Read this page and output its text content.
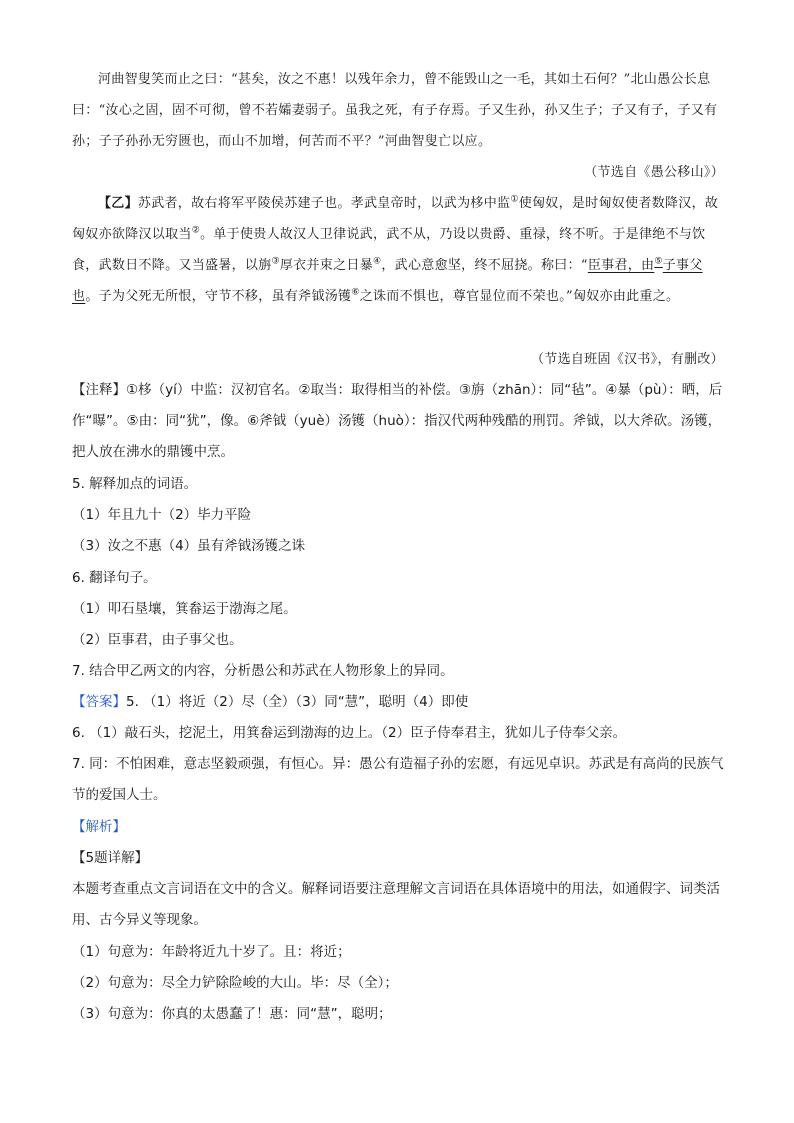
河曲智叟笑而止之曰：“甚矣，汝之不惠！以残年余力，曾不能毁山之一毛，其如土石何？”北山愚公长息曰：“汝心之固，固不可彻，曾不若孀妻弱子。虽我之死，有子存焉。子又生孙，孙又生子；子又有子，子又有孙；子子孙孙无穷匮也，而山不加增，何苦而不平？”河曲智叟亡以应。

（节选自《愚公移山》）

【乙】苏武者，故右将军平陵侯苏建子也。孝武皇帝时，以武为栘中监①使匈奴，是时匈奴使者数降汉，故匈奴亦欲降汉以取当②。单于使贵人故汉人卫律说武，武不从，乃设以贵爵、重禄，终不听。于是律绝不与饮食，武数日不降。又当盛暑，以旃③厚衣并束之日暴④，武心意愈坚，终不屈挠。称曰：“臣事君，由⑤子事父也。子为父死无所恨，守节不移，虽有斧钺汤镬⑥之诛而不惧也，尊官显位而不荣也。”匈奴亦由此重之。

（节选自班固《汉书》，有删改）

【注释】①栘（yí）中监：汉初官名。②取当：取得相当的补偿。③旃（zhān）：同“毡”。④暴（pù）：晒，后作“曝”。⑤由：同“犹”，像。⑥斧钺（yuè）汤镬（huò）：指汉代两种残酷的刑罚。斧钺，以大斧砍。汤镬，把人放在沸水的鼎镬中烹。

5. 解释加点的词语。

（1）年且九十（2）毕力平险

（3）汝之不惠（4）虽有斧钺汤镬之诛

6. 翻译句子。

（1）叩石垦壤，箕畚运于渤海之尾。

（2）臣事君，由子事父也。

7. 结合甲乙两文的内容，分析愚公和苏武在人物形象上的异同。

【答案】5. （1）将近（2）尽（全）（3）同“慧”，聪明（4）即使

6. （1）敲石头，挖泥土，用箕畚运到渤海的边上。（2）臣子侍奉君主，犹如儿子侍奉父亲。

7. 同：不怕困难，意志坚毅顽强，有恒心。异：愚公有造福子孙的宏愿，有远见卓识。苏武是有高尚的民族气节的爱国人士。

【解析】

【5题详解】

本题考查重点文言词语在文中的含义。解释词语要注意理解文言词语在具体语境中的用法，如通假字、词类活用、古今异义等现象。

（1）句意为：年龄将近九十岁了。且：将近；

（2）句意为：尽全力铲除险峻的大山。毕：尽（全）；

（3）句意为：你真的太愚蠢了！惠：同“慧”，聪明；
